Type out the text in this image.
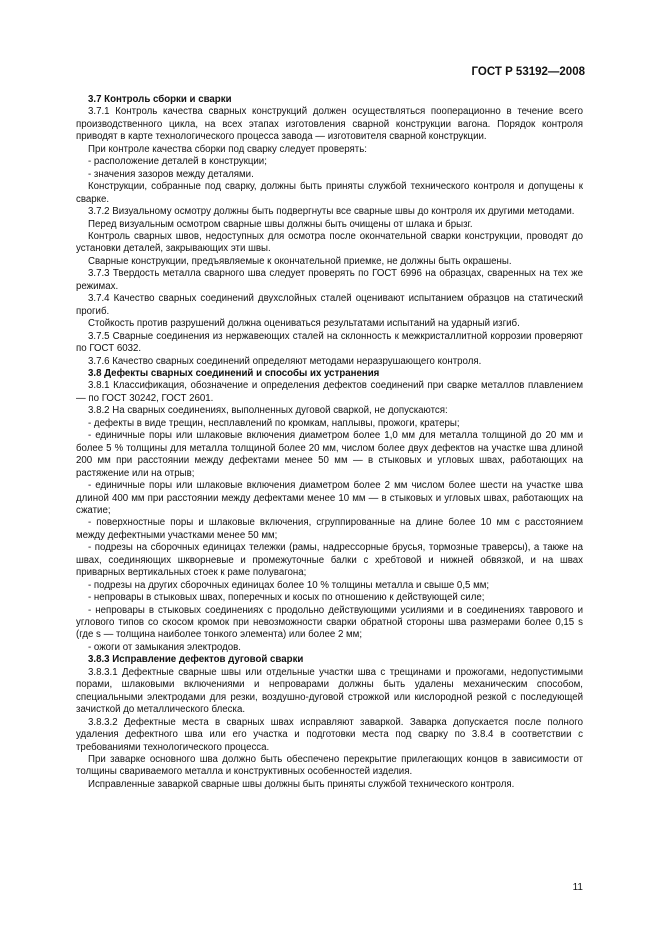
ГОСТ Р 53192—2008

3.7 Контроль сборки и сварки

3.7.1 Контроль качества сварных конструкций должен осуществляться пооперационно в течение всего производственного цикла, на всех этапах изготовления сварной конструкции вагона. Порядок контроля приводят в карте технологического процесса завода — изготовителя сварной конструкции.

При контроле качества сборки под сварку следует проверять:

- расположение деталей в конструкции;

- значения зазоров между деталями.

Конструкции, собранные под сварку, должны быть приняты службой технического контроля и допущены к сварке.

3.7.2 Визуальному осмотру должны быть подвергнуты все сварные швы до контроля их другими методами.

Перед визуальным осмотром сварные швы должны быть очищены от шлака и брызг.

Контроль сварных швов, недоступных для осмотра после окончательной сварки конструкции, проводят до установки деталей, закрывающих эти швы.

Сварные конструкции, предъявляемые к окончательной приемке, не должны быть окрашены.

3.7.3 Твердость металла сварного шва следует проверять по ГОСТ 6996 на образцах, сваренных на тех же режимах.

3.7.4 Качество сварных соединений двухслойных сталей оценивают испытанием образцов на статический прогиб.

Стойкость против разрушений должна оцениваться результатами испытаний на ударный изгиб.

3.7.5 Сварные соединения из нержавеющих сталей на склонность к межкристаллитной коррозии проверяют по ГОСТ 6032.

3.7.6 Качество сварных соединений определяют методами неразрушающего контроля.

3.8 Дефекты сварных соединений и способы их устранения

3.8.1 Классификация, обозначение и определения дефектов соединений при сварке металлов плавлением — по ГОСТ 30242, ГОСТ 2601.

3.8.2 На сварных соединениях, выполненных дуговой сваркой, не допускаются:

- дефекты в виде трещин, несплавлений по кромкам, наплывы, прожоги, кратеры;

- единичные поры или шлаковые включения диаметром более 1,0 мм для металла толщиной до 20 мм и более 5 % толщины для металла толщиной более 20 мм, числом более двух дефектов на участке шва длиной 200 мм при расстоянии между дефектами менее 50 мм — в стыковых и угловых швах, работающих на растяжение или на отрыв;

- единичные поры или шлаковые включения диаметром более 2 мм числом более шести на участке шва длиной 400 мм при расстоянии между дефектами менее 10 мм — в стыковых и угловых швах, работающих на сжатие;

- поверхностные поры и шлаковые включения, сгруппированные на длине более 10 мм с расстоянием между дефектными участками менее 50 мм;

- подрезы на сборочных единицах тележки (рамы, надрессорные брусья, тормозные траверсы), а также на швах, соединяющих шкворневые и промежуточные балки с хребтовой и нижней обвязкой, и на швах приварных вертикальных стоек к раме полувагона;

- подрезы на других сборочных единицах более 10 % толщины металла и свыше 0,5 мм;

- непровары в стыковых швах, поперечных и косых по отношению к действующей силе;

- непровары в стыковых соединениях с продольно действующими усилиями и в соединениях таврового и углового типов со скосом кромок при невозможности сварки обратной стороны шва размерами более 0,15 s (где s — толщина наиболее тонкого элемента) или более 2 мм;

- ожоги от замыкания электродов.

3.8.3 Исправление дефектов дуговой сварки

3.8.3.1 Дефектные сварные швы или отдельные участки шва с трещинами и прожогами, недопустимыми порами, шлаковыми включениями и непроварами должны быть удалены механическим способом, специальными электродами для резки, воздушно-дуговой строжкой или кислородной резкой с последующей зачисткой до металлического блеска.

3.8.3.2 Дефектные места в сварных швах исправляют заваркой. Заварка допускается после полного удаления дефектного шва или его участка и подготовки места под сварку по 3.8.4 в соответствии с требованиями технологического процесса.

При заварке основного шва должно быть обеспечено перекрытие прилегающих концов в зависимости от толщины свариваемого металла и конструктивных особенностей изделия.

Исправленные заваркой сварные швы должны быть приняты службой технического контроля.

11
